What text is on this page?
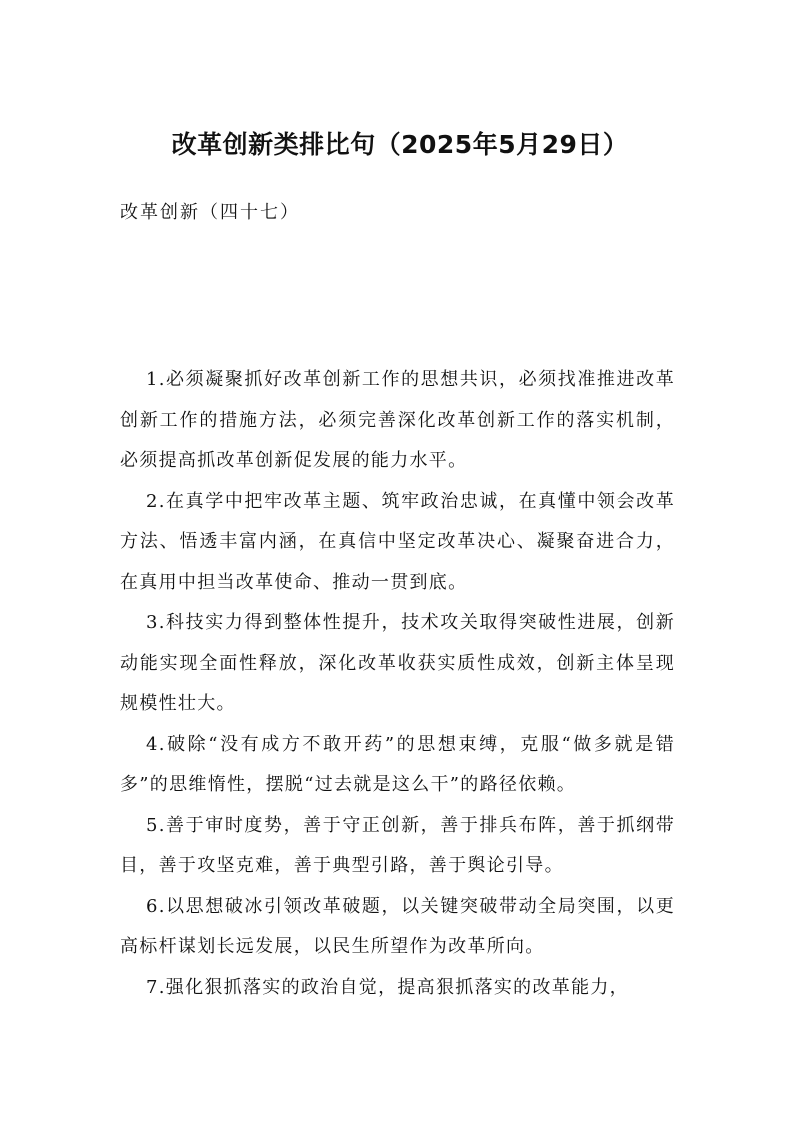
改革创新类排比句（2025年5月29日）

改革创新（四十七）

1.必须凝聚抓好改革创新工作的思想共识，必须找准推进改革创新工作的措施方法，必须完善深化改革创新工作的落实机制，必须提高抓改革创新促发展的能力水平。

2.在真学中把牢改革主题、筑牢政治忠诚，在真懂中领会改革方法、悟透丰富内涵，在真信中坚定改革决心、凝聚奋进合力，在真用中担当改革使命、推动一贯到底。

3.科技实力得到整体性提升，技术攻关取得突破性进展，创新动能实现全面性释放，深化改革收获实质性成效，创新主体呈现规模性壮大。

4.破除“没有成方不敢开药”的思想束缚，克服“做多就是错多”的思维惰性，摆脱“过去就是这么干”的路径依赖。

5.善于审时度势，善于守正创新，善于排兵布阵，善于抓纲带目，善于攻坚克难，善于典型引路，善于舆论引导。

6.以思想破冰引领改革破题，以关键突破带动全局突围，以更高标杆谋划长远发展，以民生所望作为改革所向。

7.强化狠抓落实的政治自觉，提高狠抓落实的改革能力，
